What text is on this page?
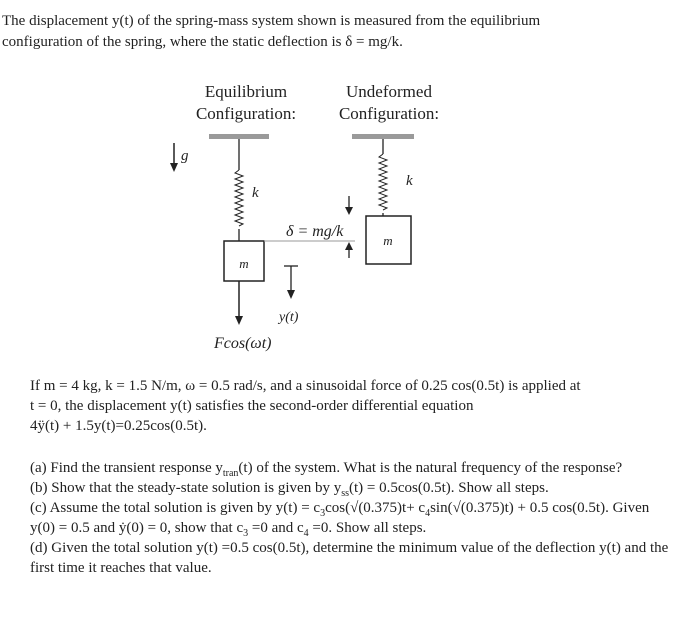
The displacement y(t) of the spring-mass system shown is measured from the equilibrium
configuration of the spring, where the static deflection is δ = mg/k.

Equilibrium
Configuration:
Undeformed
Configuration:
g
k
m
Fcos(ωt)
y(t)
δ = mg/k
k
m

If m = 4 kg, k = 1.5 N/m, ω = 0.5 rad/s, and a sinusoidal force of 0.25 cos(0.5t) is applied at
t = 0, the displacement y(t) satisfies the second-order differential equation
4ÿ(t) + 1.5y(t)=0.25cos(0.5t).

(a) Find the transient response $y_{tran}(t)$ of the system. What is the natural frequency of the response?
(b) Show that the steady-state solution is given by $y_{ss}(t) = 0.5\cos(0.5t)$. Show all steps.
(c) Assume the total solution is given by $y(t) = c_3\cos(√(0.375)t+ c_4\sin(√(0.375)t) + 0.5$ cos(0.5t). Given y(0) = 0.5 and ẏ(0) = 0, show that $c_3 =0$ and $c_4 =0$. Show all steps.
(d) Given the total solution y(t) =0.5 cos(0.5t), determine the minimum value of the deflection y(t) and the first time it reaches that value.
